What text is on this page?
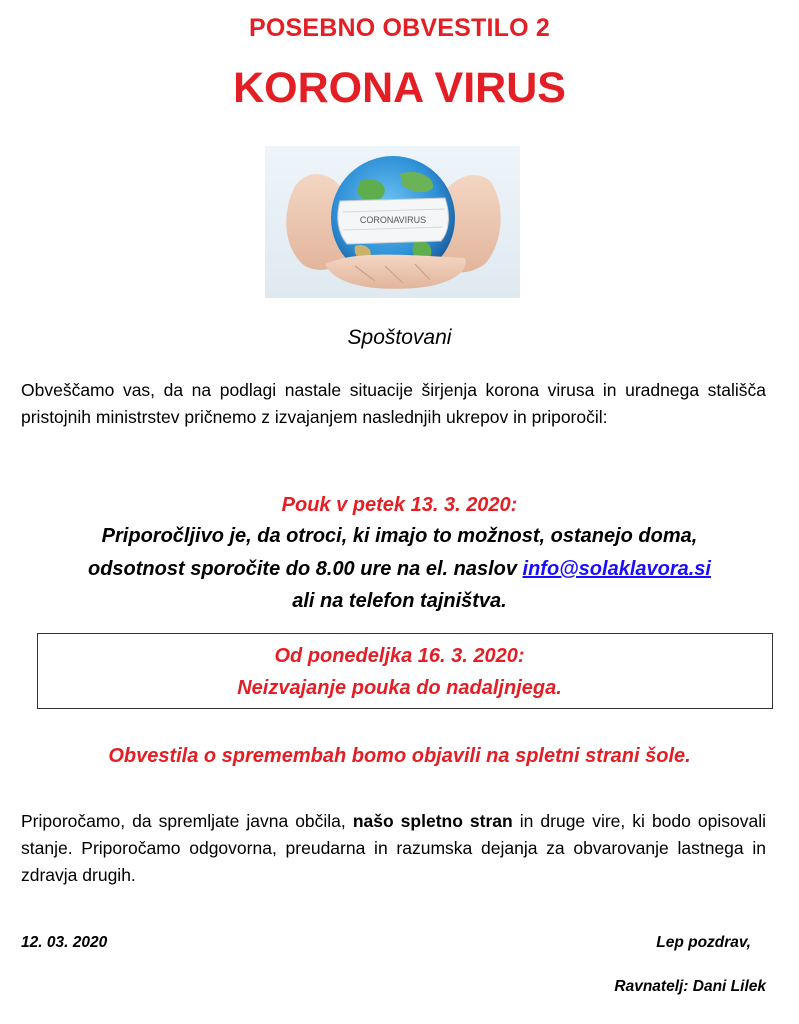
POSEBNO OBVESTILO 2
KORONA VIRUS
CORONAVIRUS
Spoštovani
Obveščamo vas, da na podlagi nastale situacije širjenja korona virusa in uradnega stališča pristojnih ministrstev pričnemo z izvajanjem naslednjih ukrepov in priporočil:
Pouk v petek 13. 3. 2020:
Priporočljivo je, da otroci, ki imajo to možnost, ostanejo doma,
odsotnost sporočite do 8.00 ure na el. naslov info@solaklavora.si
ali na telefon tajništva.
Od ponedeljka 16. 3. 2020:
Neizvajanje pouka do nadaljnjega.
Obvestila o spremembah bomo objavili na spletni strani šole.
Priporočamo, da spremljate javna občila, našo spletno stran in druge vire, ki bodo opisovali stanje. Priporočamo odgovorna, preudarna in razumska dejanja za obvarovanje lastnega in zdravja drugih.
12. 03. 2020	Lep pozdrav,
Ravnatelj: Dani Lilek
